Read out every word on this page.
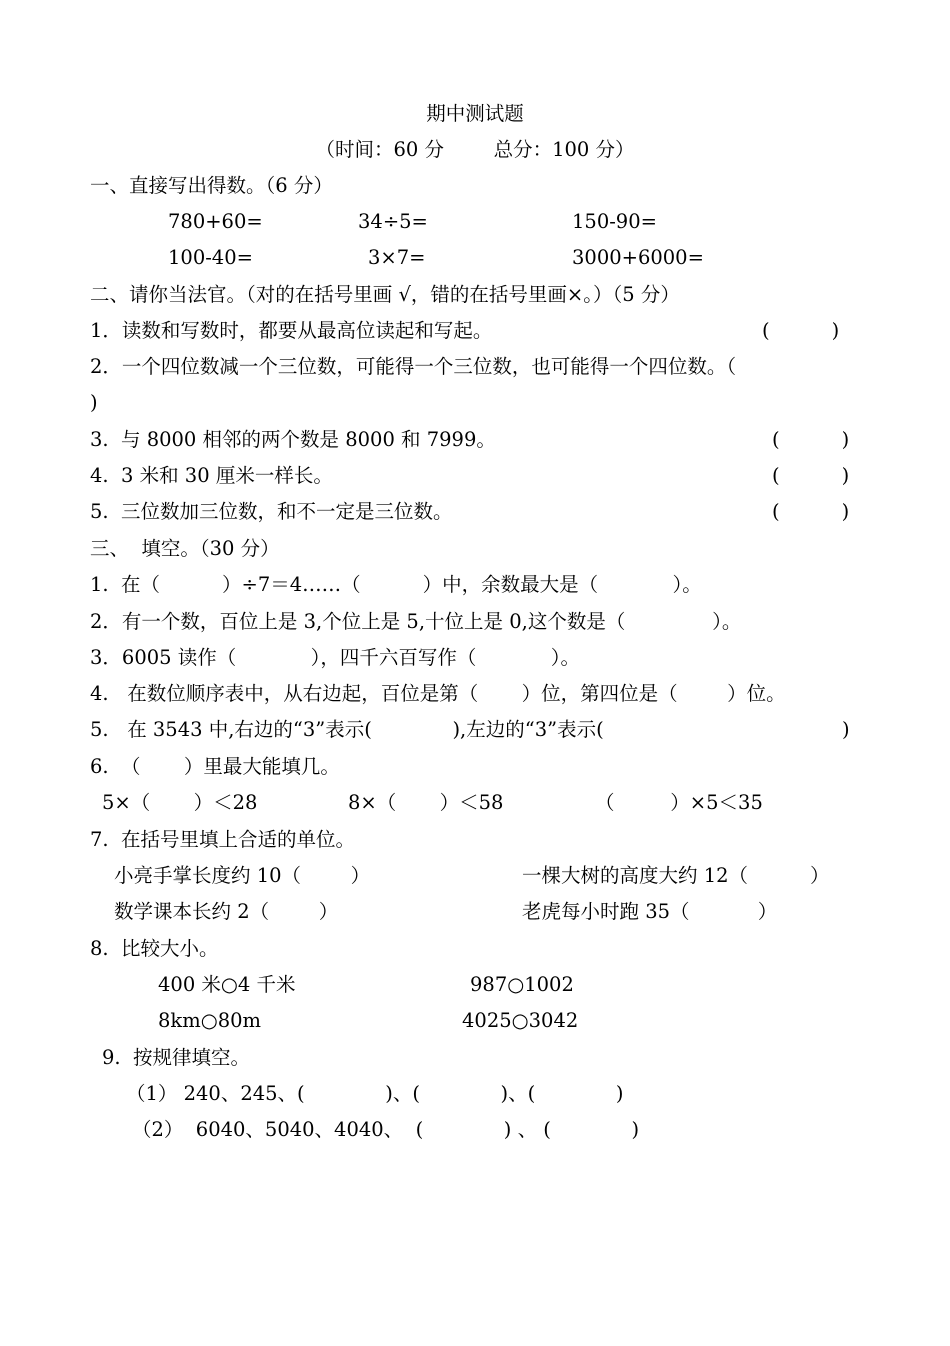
期中测试题
（时间：60 分        总分：100 分）
一、直接写出得数。（6 分）
780+60=	34÷5=	150-90=
100-40=	3×7=	3000+6000=
二、请你当法官。（对的在括号里画 √，错的在括号里画×。）（5 分）
1．读数和写数时，都要从最高位读起和写起。	(          )
2．一个四位数减一个三位数，可能得一个三位数，也可能得一个四位数。（
)
3.  与 8000 相邻的两个数是 8000 和 7999。	(          )
4.  3 米和 30 厘米一样长。	(          )
5.  三位数加三位数，和不一定是三位数。	(          )
三、  填空。（30 分）
1.  在（          ）÷7＝4……（          ）中，余数最大是（            ）。
2．有一个数，百位上是 3,个位上是 5,十位上是 0,这个数是（              ）。
3．6005 读作（            ），四千六百写作（            ）。
4.   在数位顺序表中，从右边起，百位是第（       ）位，第四位是（        ）位。
5.   在 3543 中,右边的“3”表示(             ),左边的“3”表示(	)
6.  （       ）里最大能填几。
5×（       ）＜28	8×（       ）＜58	（         ）×5＜35
7.  在括号里填上合适的单位。
小亮手掌长度约 10（        ）	一棵大树的高度大约 12（          ）
数学课本长约 2（        ）	老虎每小时跑 35（           ）
8.  比较大小。
400 米○4 千米	987○1002
8km○80m	4025○3042
9.  按规律填空。
（1） 240、245、(             )、(             )、(             )
（2）  6040、5040、4040、  (             ) 、 (             )
